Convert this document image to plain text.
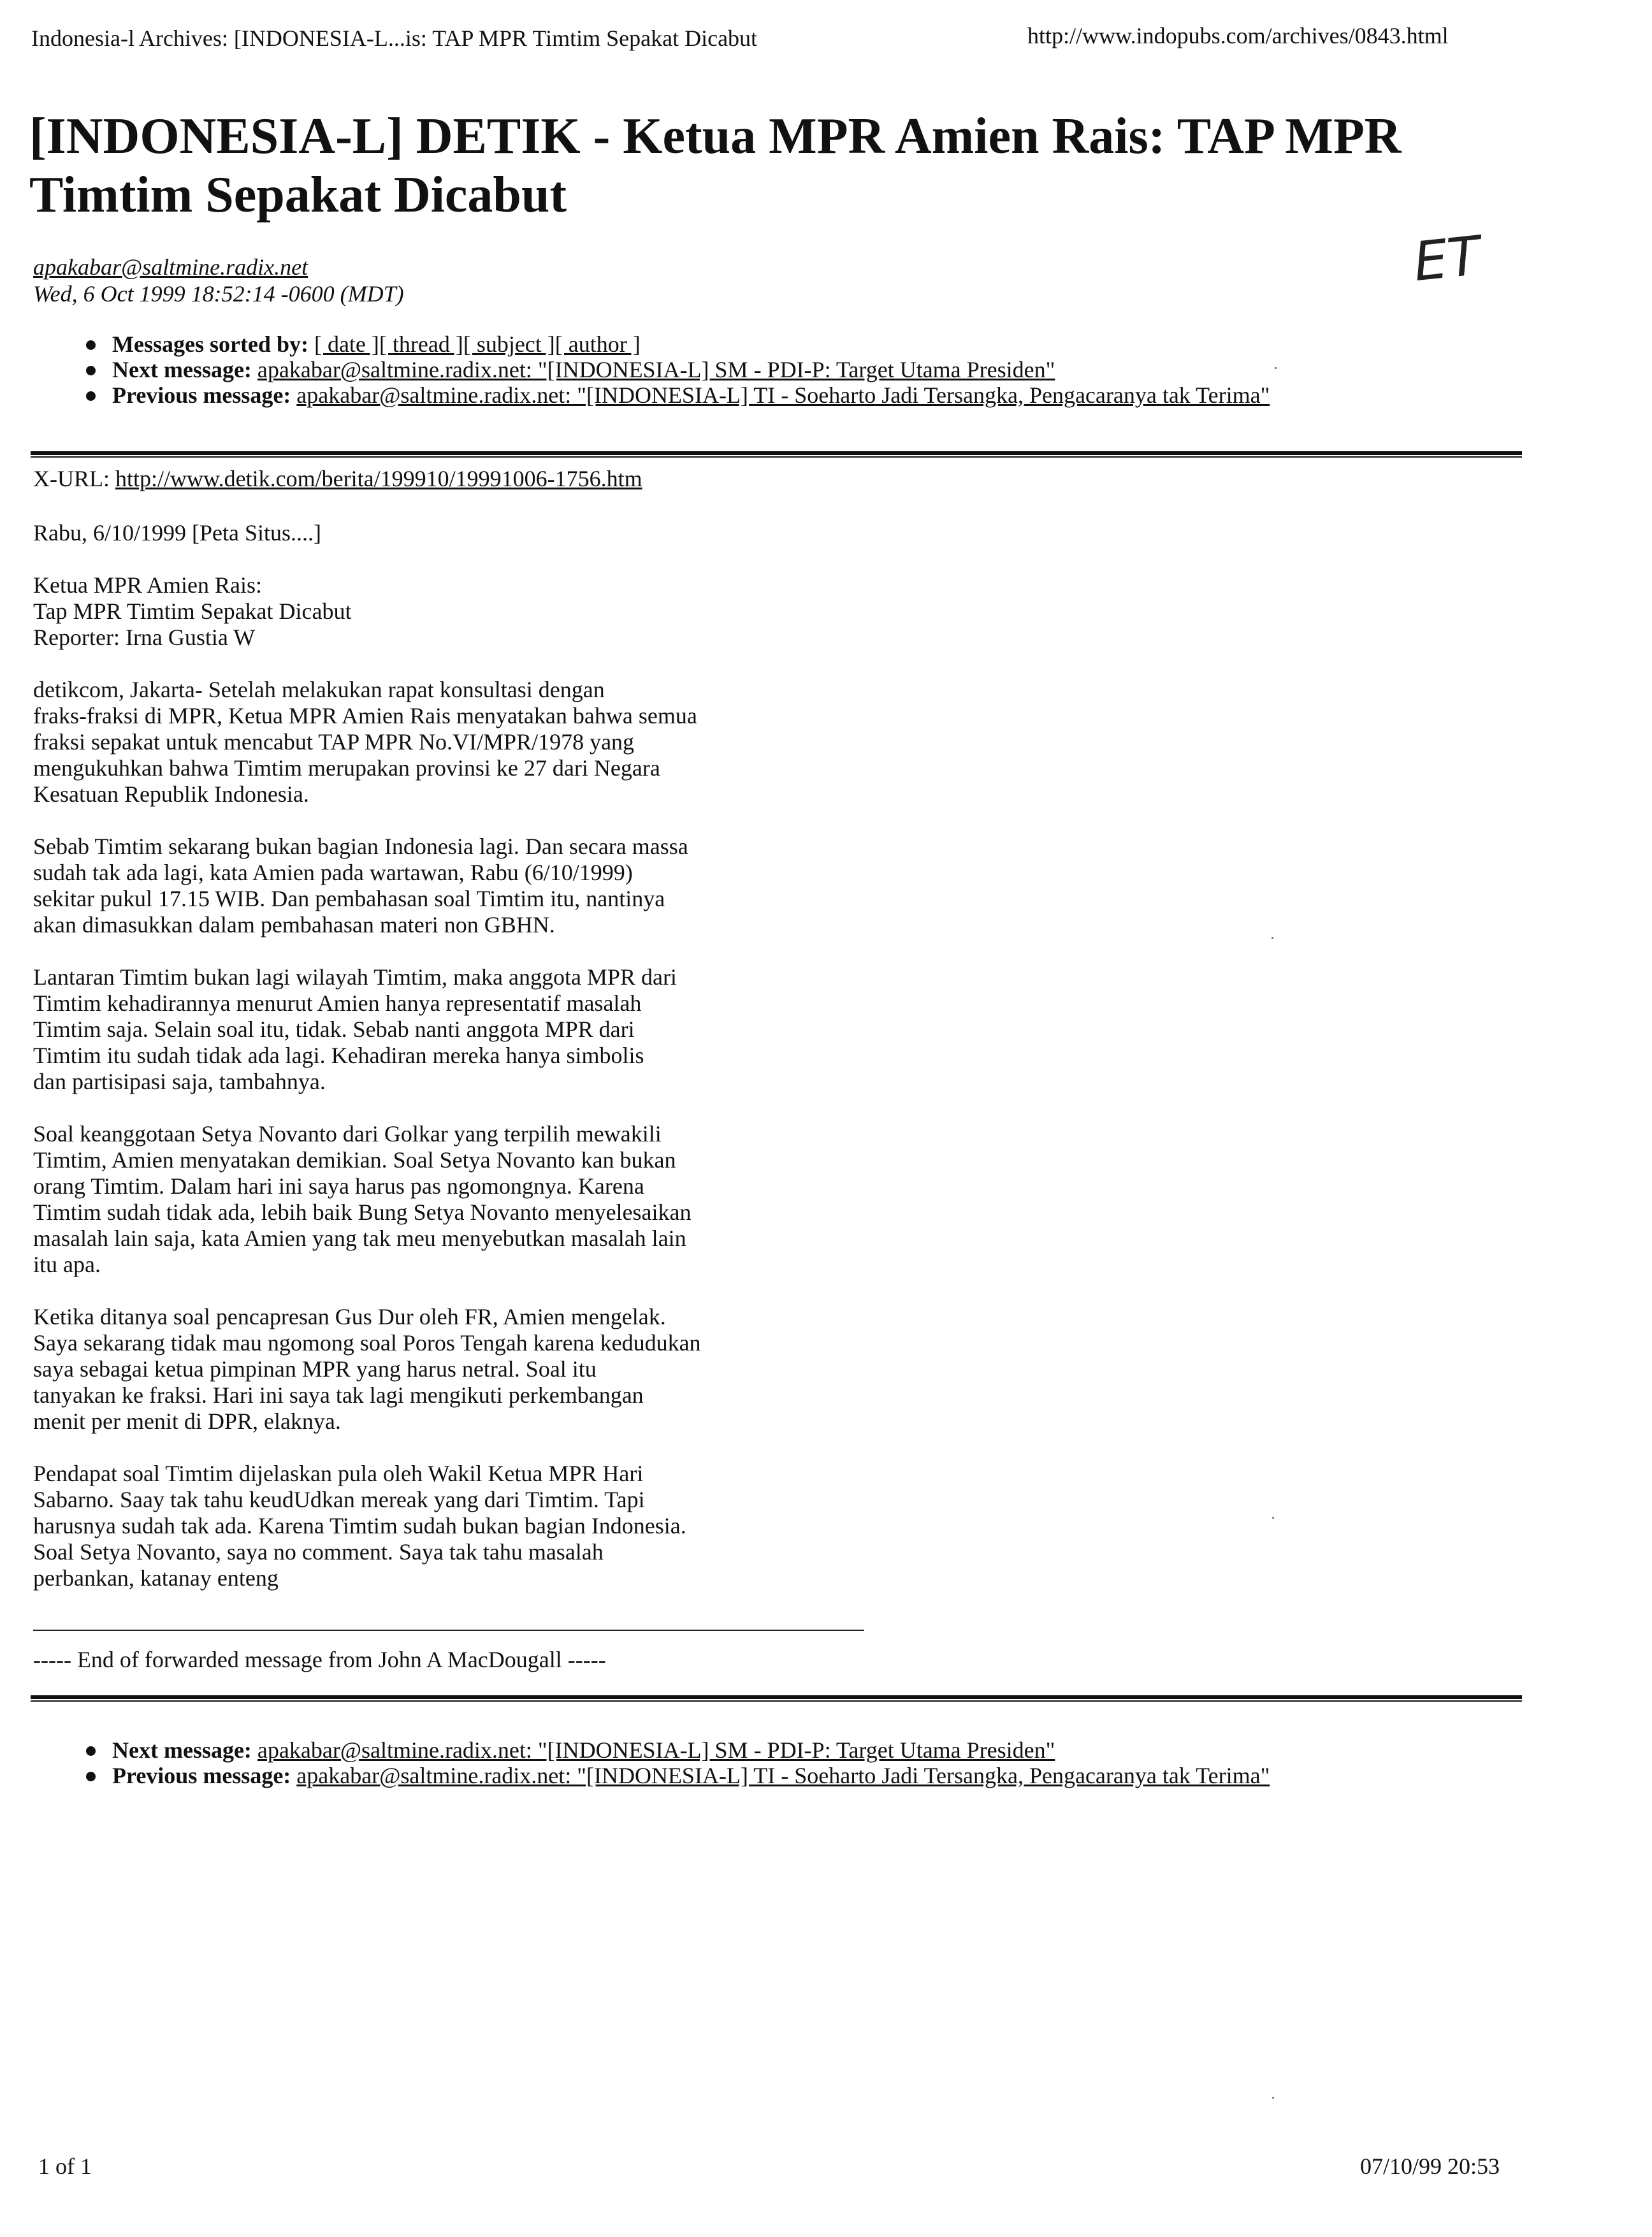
Indonesia-l Archives: [INDONESIA-L...is: TAP MPR Timtim Sepakat Dicabut	http://www.indopubs.com/archives/0843.html
[INDONESIA-L] DETIK - Ketua MPR Amien Rais: TAP MPR Timtim Sepakat Dicabut
apakabar@saltmine.radix.net
Wed, 6 Oct 1999 18:52:14 -0600 (MDT)
ET
Messages sorted by: [ date ][ thread ][ subject ][ author ]
Next message: apakabar@saltmine.radix.net: "[INDONESIA-L] SM - PDI-P: Target Utama Presiden"
Previous message: apakabar@saltmine.radix.net: "[INDONESIA-L] TI - Soeharto Jadi Tersangka, Pengacaranya tak Terima"
X-URL: http://www.detik.com/berita/199910/19991006-1756.htm

Rabu, 6/10/1999 [Peta Situs....]

Ketua MPR Amien Rais:
Tap MPR Timtim Sepakat Dicabut
Reporter: Irna Gustia W

detikcom, Jakarta- Setelah melakukan rapat konsultasi dengan
fraks-fraksi di MPR, Ketua MPR Amien Rais menyatakan bahwa semua
fraksi sepakat untuk mencabut TAP MPR No.VI/MPR/1978 yang
mengukuhkan bahwa Timtim merupakan provinsi ke 27 dari Negara
Kesatuan Republik Indonesia.

Sebab Timtim sekarang bukan bagian Indonesia lagi. Dan secara massa
sudah tak ada lagi, kata Amien pada wartawan, Rabu (6/10/1999)
sekitar pukul 17.15 WIB. Dan pembahasan soal Timtim itu, nantinya
akan dimasukkan dalam pembahasan materi non GBHN.

Lantaran Timtim bukan lagi wilayah Timtim, maka anggota MPR dari
Timtim kehadirannya menurut Amien hanya representatif masalah
Timtim saja. Selain soal itu, tidak. Sebab nanti anggota MPR dari
Timtim itu sudah tidak ada lagi. Kehadiran mereka hanya simbolis
dan partisipasi saja, tambahnya.

Soal keanggotaan Setya Novanto dari Golkar yang terpilih mewakili
Timtim, Amien menyatakan demikian. Soal Setya Novanto kan bukan
orang Timtim. Dalam hari ini saya harus pas ngomongnya. Karena
Timtim sudah tidak ada, lebih baik Bung Setya Novanto menyelesaikan
masalah lain saja, kata Amien yang tak meu menyebutkan masalah lain
itu apa.

Ketika ditanya soal pencapresan Gus Dur oleh FR, Amien mengelak.
Saya sekarang tidak mau ngomong soal Poros Tengah karena kedudukan
saya sebagai ketua pimpinan MPR yang harus netral. Soal itu
tanyakan ke fraksi. Hari ini saya tak lagi mengikuti perkembangan
menit per menit di DPR, elaknya.

Pendapat soal Timtim dijelaskan pula oleh Wakil Ketua MPR Hari
Sabarno. Saay tak tahu keudUdkan mereak yang dari Timtim. Tapi
harusnya sudah tak ada. Karena Timtim sudah bukan bagian Indonesia.
Soal Setya Novanto, saya no comment. Saya tak tahu masalah
perbankan, katanay enteng

----- End of forwarded message from John A MacDougall -----
Next message: apakabar@saltmine.radix.net: "[INDONESIA-L] SM - PDI-P: Target Utama Presiden"
Previous message: apakabar@saltmine.radix.net: "[INDONESIA-L] TI - Soeharto Jadi Tersangka, Pengacaranya tak Terima"
1 of 1	07/10/99 20:53
